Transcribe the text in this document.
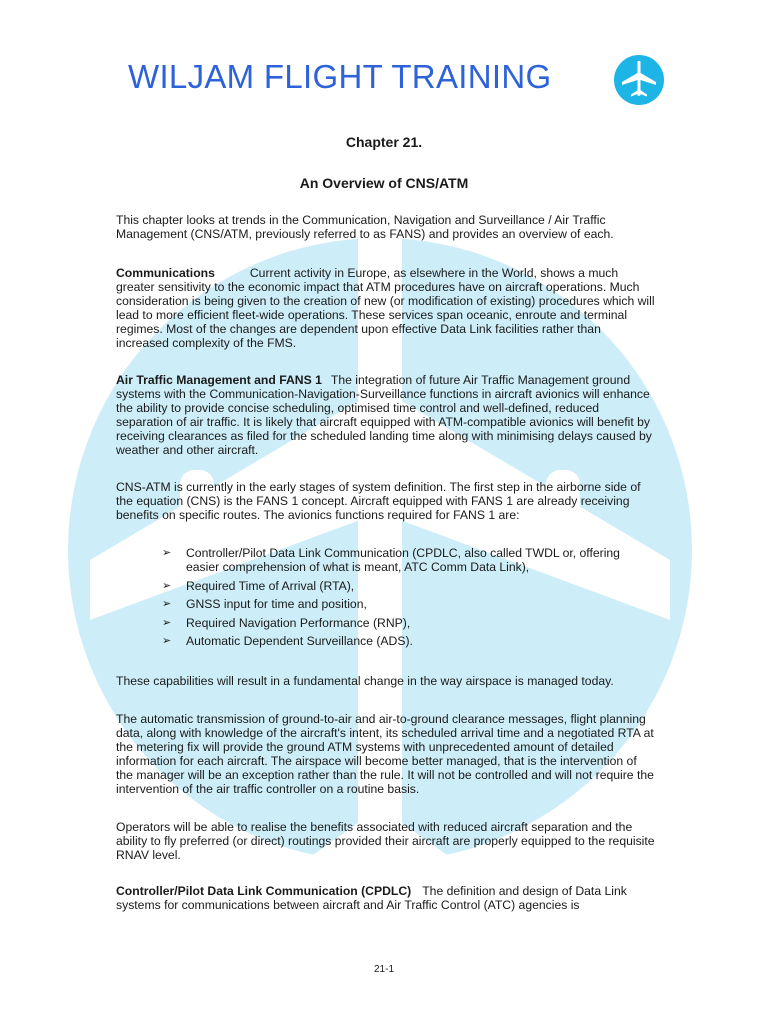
WILJAM FLIGHT TRAINING
Chapter 21.
An Overview of CNS/ATM

This chapter looks at trends in the Communication, Navigation and Surveillance / Air Traffic Management (CNS/ATM, previously referred to as FANS) and provides an overview of each.

Communications	Current activity in Europe, as elsewhere in the World, shows a much greater sensitivity to the economic impact that ATM procedures have on aircraft operations. Much consideration is being given to the creation of new (or modification of existing) procedures which will lead to more efficient fleet-wide operations. These services span oceanic, enroute and terminal regimes. Most of the changes are dependent upon effective Data Link facilities rather than increased complexity of the FMS.

Air Traffic Management and FANS 1 The integration of future Air Traffic Management ground systems with the Communication-Navigation-Surveillance functions in aircraft avionics will enhance the ability to provide concise scheduling, optimised time control and well-defined, reduced separation of air traffic. It is likely that aircraft equipped with ATM-compatible avionics will benefit by receiving clearances as filed for the scheduled landing time along with minimising delays caused by weather and other aircraft.

CNS-ATM is currently in the early stages of system definition. The first step in the airborne side of the equation (CNS) is the FANS 1 concept. Aircraft equipped with FANS 1 are already receiving benefits on specific routes. The avionics functions required for FANS 1 are:

➢ Controller/Pilot Data Link Communication (CPDLC, also called TWDL or, offering easier comprehension of what is meant, ATC Comm Data Link),
➢ Required Time of Arrival (RTA),
➢ GNSS input for time and position,
➢ Required Navigation Performance (RNP),
➢ Automatic Dependent Surveillance (ADS).

These capabilities will result in a fundamental change in the way airspace is managed today.

The automatic transmission of ground-to-air and air-to-ground clearance messages, flight planning data, along with knowledge of the aircraft's intent, its scheduled arrival time and a negotiated RTA at the metering fix will provide the ground ATM systems with unprecedented amount of detailed information for each aircraft. The airspace will become better managed, that is the intervention of the manager will be an exception rather than the rule. It will not be controlled and will not require the intervention of the air traffic controller on a routine basis.

Operators will be able to realise the benefits associated with reduced aircraft separation and the ability to fly preferred (or direct) routings provided their aircraft are properly equipped to the requisite RNAV level.

Controller/Pilot Data Link Communication (CPDLC) The definition and design of Data Link systems for communications between aircraft and Air Traffic Control (ATC) agencies is

21-1
